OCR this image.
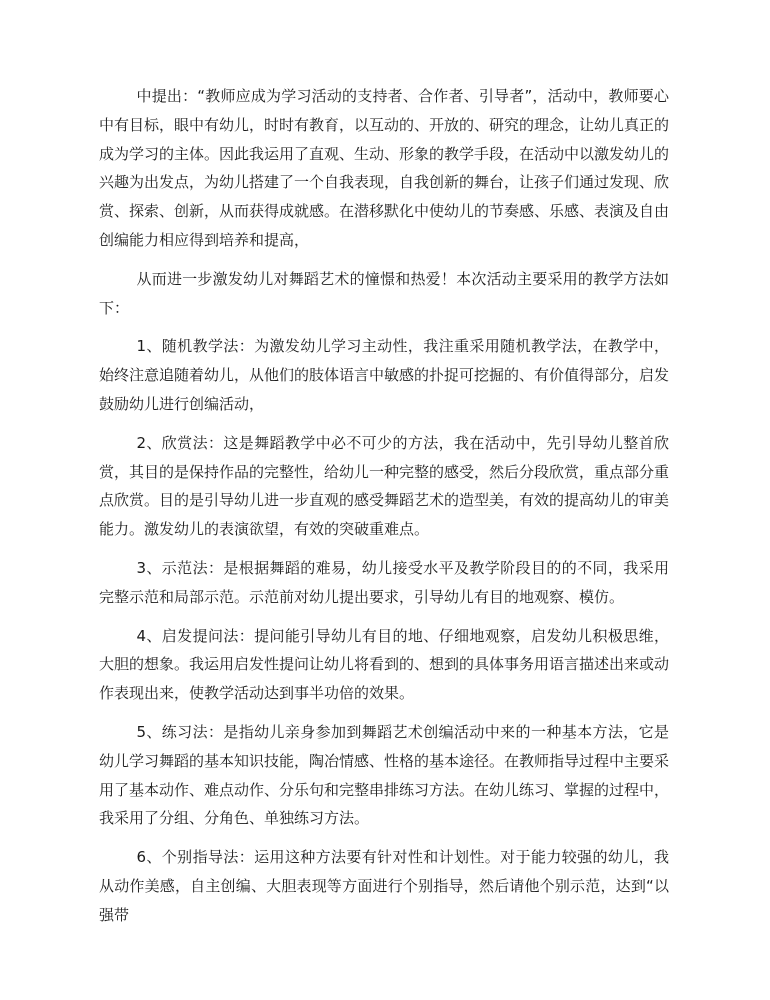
中提出：“教师应成为学习活动的支持者、合作者、引导者”，活动中，教师要心中有目标，眼中有幼儿，时时有教育，以互动的、开放的、研究的理念，让幼儿真正的成为学习的主体。因此我运用了直观、生动、形象的教学手段，在活动中以激发幼儿的兴趣为出发点，为幼儿搭建了一个自我表现，自我创新的舞台，让孩子们通过发现、欣赏、探索、创新，从而获得成就感。在潜移默化中使幼儿的节奏感、乐感、表演及自由创编能力相应得到培养和提高，

从而进一步激发幼儿对舞蹈艺术的憧憬和热爱！本次活动主要采用的教学方法如下：

1、随机教学法：为激发幼儿学习主动性，我注重采用随机教学法，在教学中，始终注意追随着幼儿，从他们的肢体语言中敏感的扑捉可挖掘的、有价值得部分，启发鼓励幼儿进行创编活动，

2、欣赏法：这是舞蹈教学中必不可少的方法，我在活动中，先引导幼儿整首欣赏，其目的是保持作品的完整性，给幼儿一种完整的感受，然后分段欣赏，重点部分重点欣赏。目的是引导幼儿进一步直观的感受舞蹈艺术的造型美，有效的提高幼儿的审美能力。激发幼儿的表演欲望，有效的突破重难点。

3、示范法：是根据舞蹈的难易，幼儿接受水平及教学阶段目的的不同，我采用完整示范和局部示范。示范前对幼儿提出要求，引导幼儿有目的地观察、模仿。

4、启发提问法：提问能引导幼儿有目的地、仔细地观察，启发幼儿积极思维，大胆的想象。我运用启发性提问让幼儿将看到的、想到的具体事务用语言描述出来或动作表现出来，使教学活动达到事半功倍的效果。

5、练习法：是指幼儿亲身参加到舞蹈艺术创编活动中来的一种基本方法，它是幼儿学习舞蹈的基本知识技能，陶冶情感、性格的基本途径。在教师指导过程中主要采用了基本动作、难点动作、分乐句和完整串排练习方法。在幼儿练习、掌握的过程中，我采用了分组、分角色、单独练习方法。

6、个别指导法：运用这种方法要有针对性和计划性。对于能力较强的幼儿，我从动作美感，自主创编、大胆表现等方面进行个别指导，然后请他个别示范，达到“以强带
